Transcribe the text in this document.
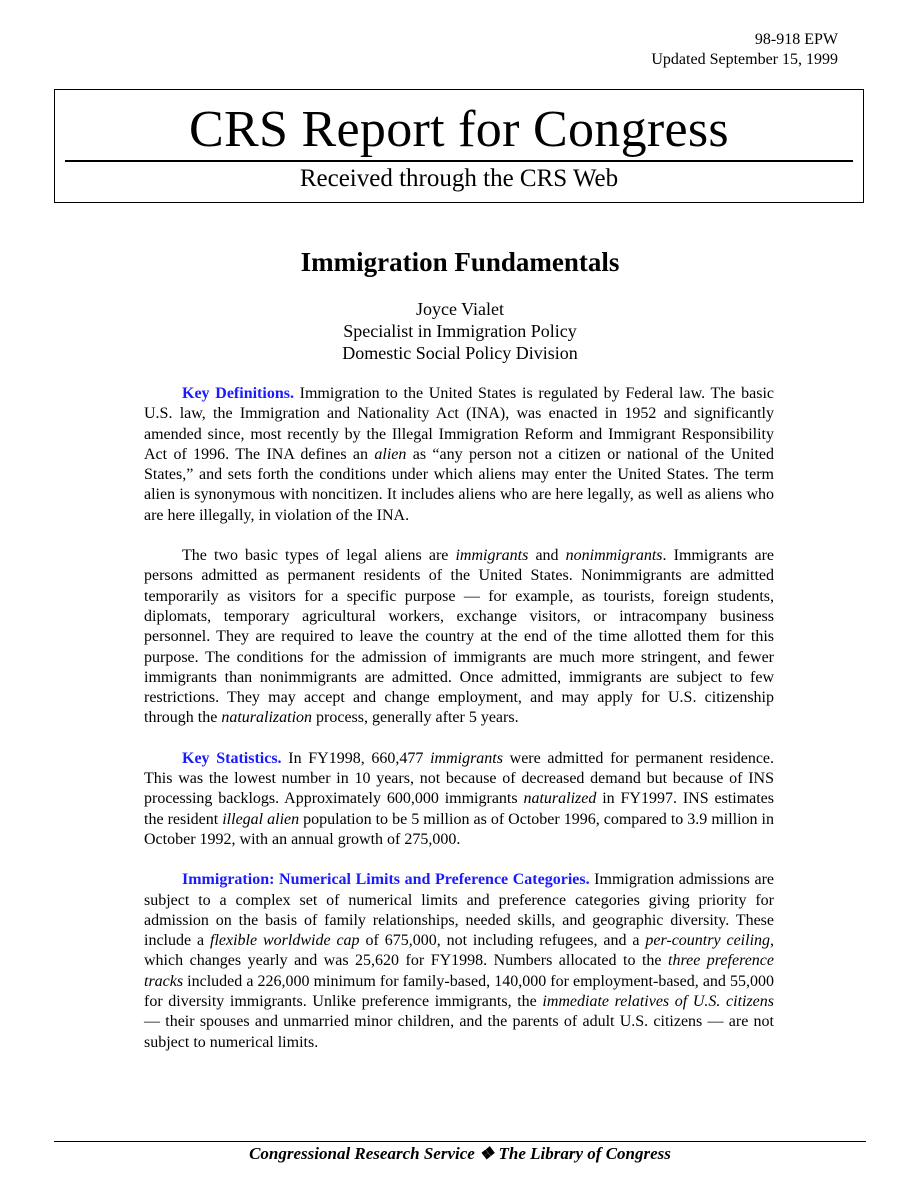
98-918 EPW
Updated September 15, 1999
CRS Report for Congress
Received through the CRS Web
Immigration Fundamentals
Joyce Vialet
Specialist in Immigration Policy
Domestic Social Policy Division

Key Definitions. Immigration to the United States is regulated by Federal law. The basic U.S. law, the Immigration and Nationality Act (INA), was enacted in 1952 and significantly amended since, most recently by the Illegal Immigration Reform and Immigrant Responsibility Act of 1996. The INA defines an alien as “any person not a citizen or national of the United States,” and sets forth the conditions under which aliens may enter the United States. The term alien is synonymous with noncitizen. It includes aliens who are here legally, as well as aliens who are here illegally, in violation of the INA.

The two basic types of legal aliens are immigrants and nonimmigrants. Immigrants are persons admitted as permanent residents of the United States. Nonimmigrants are admitted temporarily as visitors for a specific purpose — for example, as tourists, foreign students, diplomats, temporary agricultural workers, exchange visitors, or intracompany business personnel. They are required to leave the country at the end of the time allotted them for this purpose. The conditions for the admission of immigrants are much more stringent, and fewer immigrants than nonimmigrants are admitted. Once admitted, immigrants are subject to few restrictions. They may accept and change employment, and may apply for U.S. citizenship through the naturalization process, generally after 5 years.

Key Statistics. In FY1998, 660,477 immigrants were admitted for permanent residence. This was the lowest number in 10 years, not because of decreased demand but because of INS processing backlogs. Approximately 600,000 immigrants naturalized in FY1997. INS estimates the resident illegal alien population to be 5 million as of October 1996, compared to 3.9 million in October 1992, with an annual growth of 275,000.

Immigration: Numerical Limits and Preference Categories. Immigration admissions are subject to a complex set of numerical limits and preference categories giving priority for admission on the basis of family relationships, needed skills, and geographic diversity. These include a flexible worldwide cap of 675,000, not including refugees, and a per-country ceiling, which changes yearly and was 25,620 for FY1998. Numbers allocated to the three preference tracks included a 226,000 minimum for family-based, 140,000 for employment-based, and 55,000 for diversity immigrants. Unlike preference immigrants, the immediate relatives of U.S. citizens — their spouses and unmarried minor children, and the parents of adult U.S. citizens — are not subject to numerical limits.

Congressional Research Service ❖ The Library of Congress
